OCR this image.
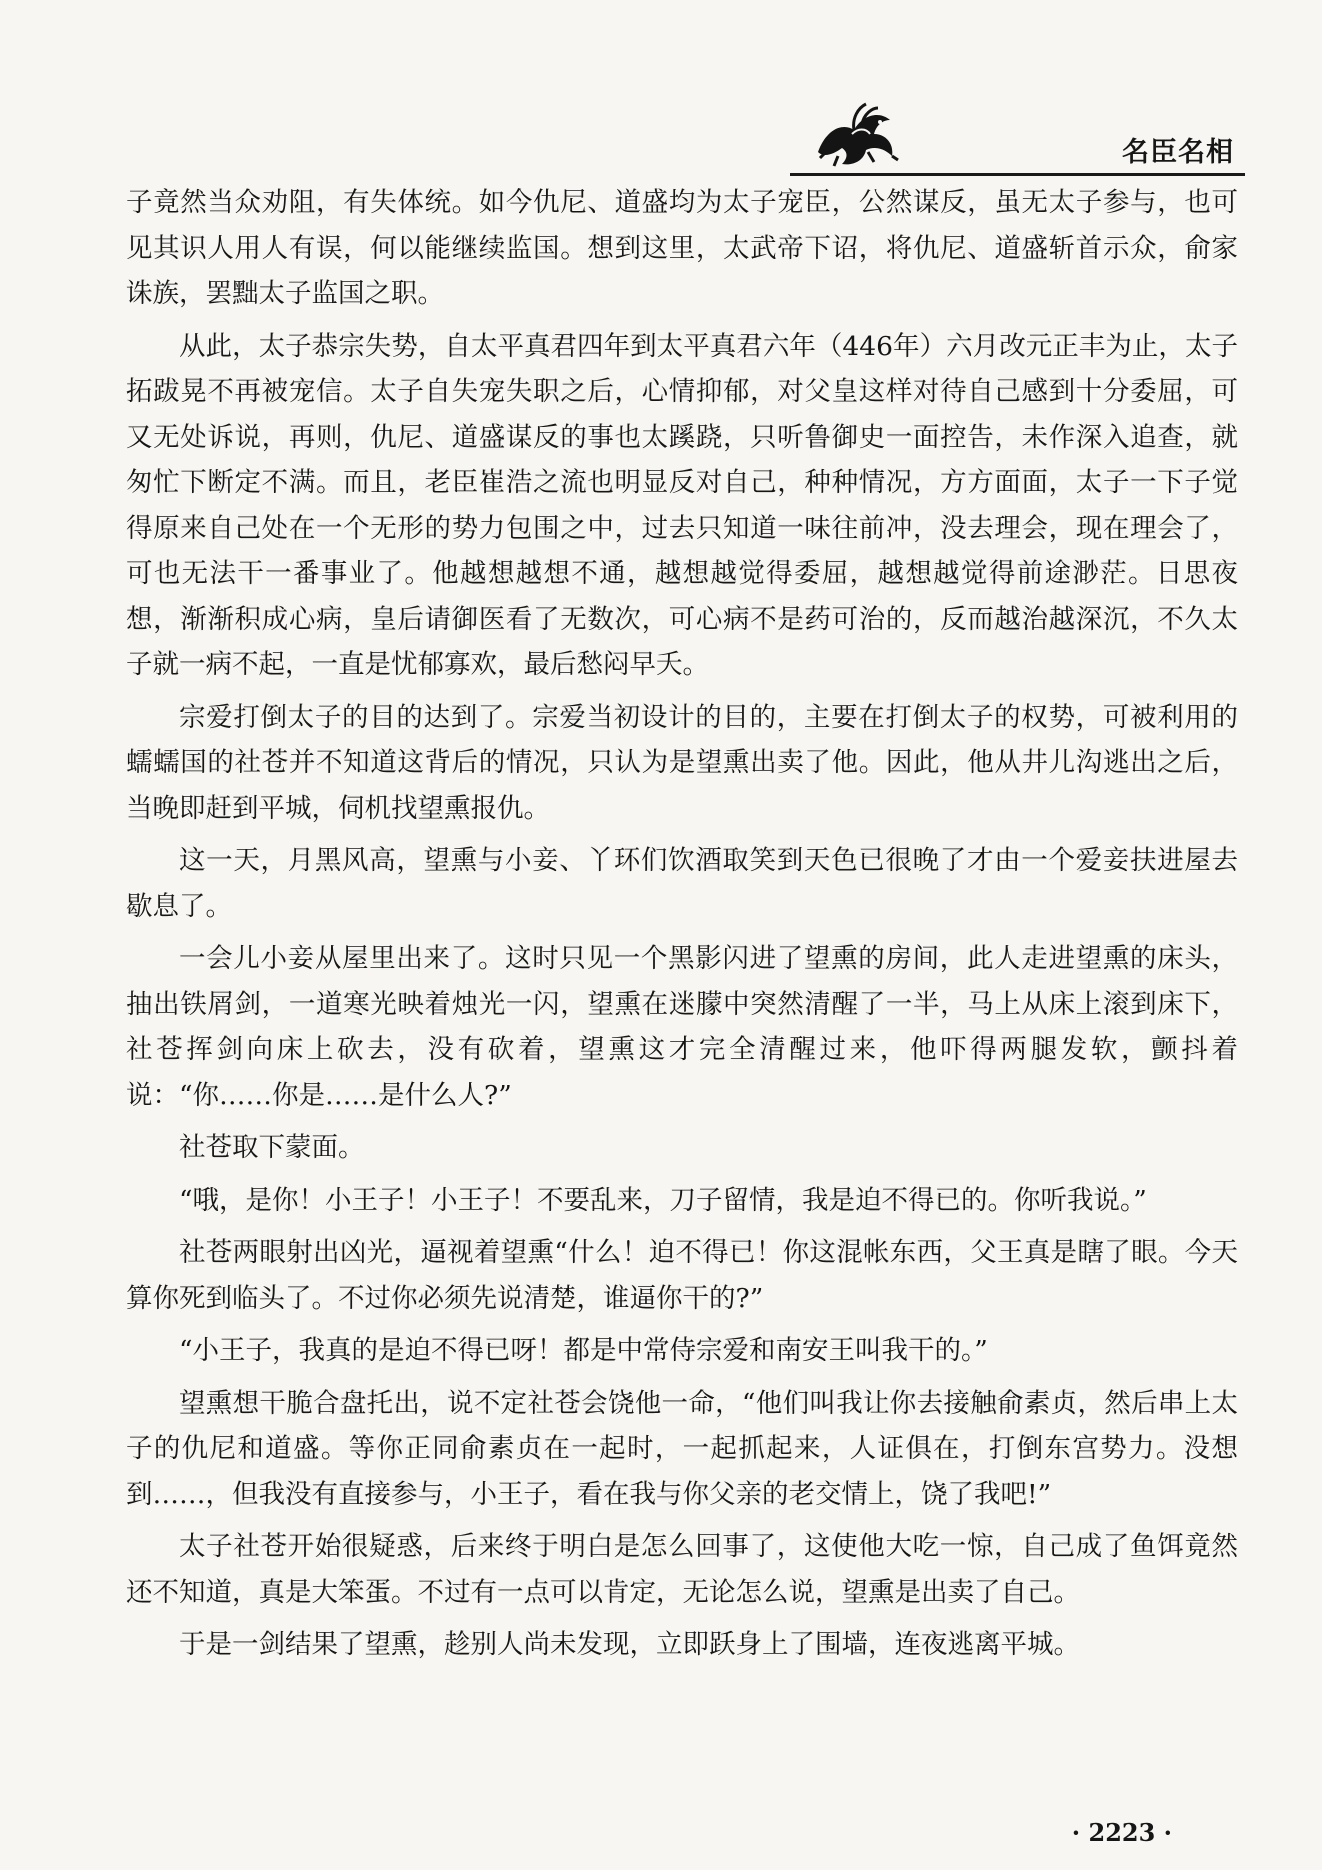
名臣名相

子竟然当众劝阻，有失体统。如今仇尼、道盛均为太子宠臣，公然谋反，虽无太子参与，也可见其识人用人有误，何以能继续监国。想到这里，太武帝下诏，将仇尼、道盛斩首示众，俞家诛族，罢黜太子监国之职。

从此，太子恭宗失势，自太平真君四年到太平真君六年（446年）六月改元正丰为止，太子拓跋晃不再被宠信。太子自失宠失职之后，心情抑郁，对父皇这样对待自己感到十分委屈，可又无处诉说，再则，仇尼、道盛谋反的事也太蹊跷，只听鲁御史一面控告，未作深入追查，就匆忙下断定不满。而且，老臣崔浩之流也明显反对自己，种种情况，方方面面，太子一下子觉得原来自己处在一个无形的势力包围之中，过去只知道一味往前冲，没去理会，现在理会了，可也无法干一番事业了。他越想越想不通，越想越觉得委屈，越想越觉得前途渺茫。日思夜想，渐渐积成心病，皇后请御医看了无数次，可心病不是药可治的，反而越治越深沉，不久太子就一病不起，一直是忧郁寡欢，最后愁闷早夭。

宗爱打倒太子的目的达到了。宗爱当初设计的目的，主要在打倒太子的权势，可被利用的蠕蠕国的社苍并不知道这背后的情况，只认为是望熏出卖了他。因此，他从井儿沟逃出之后，当晚即赶到平城，伺机找望熏报仇。

这一天，月黑风高，望熏与小妾、丫环们饮酒取笑到天色已很晚了才由一个爱妾扶进屋去歇息了。

一会儿小妾从屋里出来了。这时只见一个黑影闪进了望熏的房间，此人走进望熏的床头，抽出铁屑剑，一道寒光映着烛光一闪，望熏在迷朦中突然清醒了一半，马上从床上滚到床下，社苍挥剑向床上砍去，没有砍着，望熏这才完全清醒过来，他吓得两腿发软，颤抖着说：“你……你是……是什么人?”

社苍取下蒙面。

“哦，是你！小王子！小王子！不要乱来，刀子留情，我是迫不得已的。你听我说。”

社苍两眼射出凶光，逼视着望熏“什么！迫不得已！你这混帐东西，父王真是瞎了眼。今天算你死到临头了。不过你必须先说清楚，谁逼你干的?”

“小王子，我真的是迫不得已呀！都是中常侍宗爱和南安王叫我干的。”

望熏想干脆合盘托出，说不定社苍会饶他一命，“他们叫我让你去接触俞素贞，然后串上太子的仇尼和道盛。等你正同俞素贞在一起时，一起抓起来，人证俱在，打倒东宫势力。没想到……，但我没有直接参与，小王子，看在我与你父亲的老交情上，饶了我吧!”

太子社苍开始很疑惑，后来终于明白是怎么回事了，这使他大吃一惊，自己成了鱼饵竟然还不知道，真是大笨蛋。不过有一点可以肯定，无论怎么说，望熏是出卖了自己。

于是一剑结果了望熏，趁别人尚未发现，立即跃身上了围墙，连夜逃离平城。

· 2223 ·
